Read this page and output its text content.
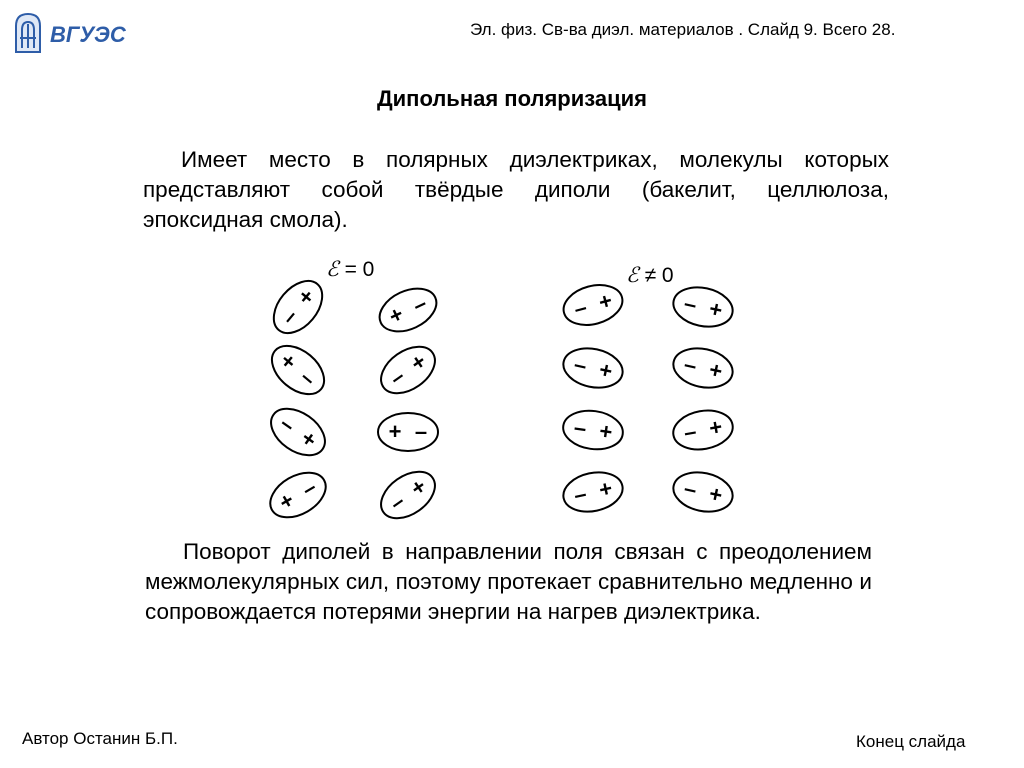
ВГУЭС	Эл. физ. Св-ва диэл. материалов . Слайд 9. Всего 28.
Дипольная поляризация
Имеет место в полярных диэлектриках, молекулы которых представляют собой твёрдые диполи (бакелит, целлюлоза, эпоксидная смола).
ℰ = 0	ℰ ≠ 0
–
+
+ –
+
–	–
+
–
+	+ –
+ –
–
+
– +	– +
– +	– +
– +	– +
– +	– +
Поворот диполей в направлении поля связан с преодолением межмолекулярных сил, поэтому протекает сравнительно медленно и сопровождается потерями энергии на нагрев диэлектрика.
Автор Останин Б.П.	Конец слайда
